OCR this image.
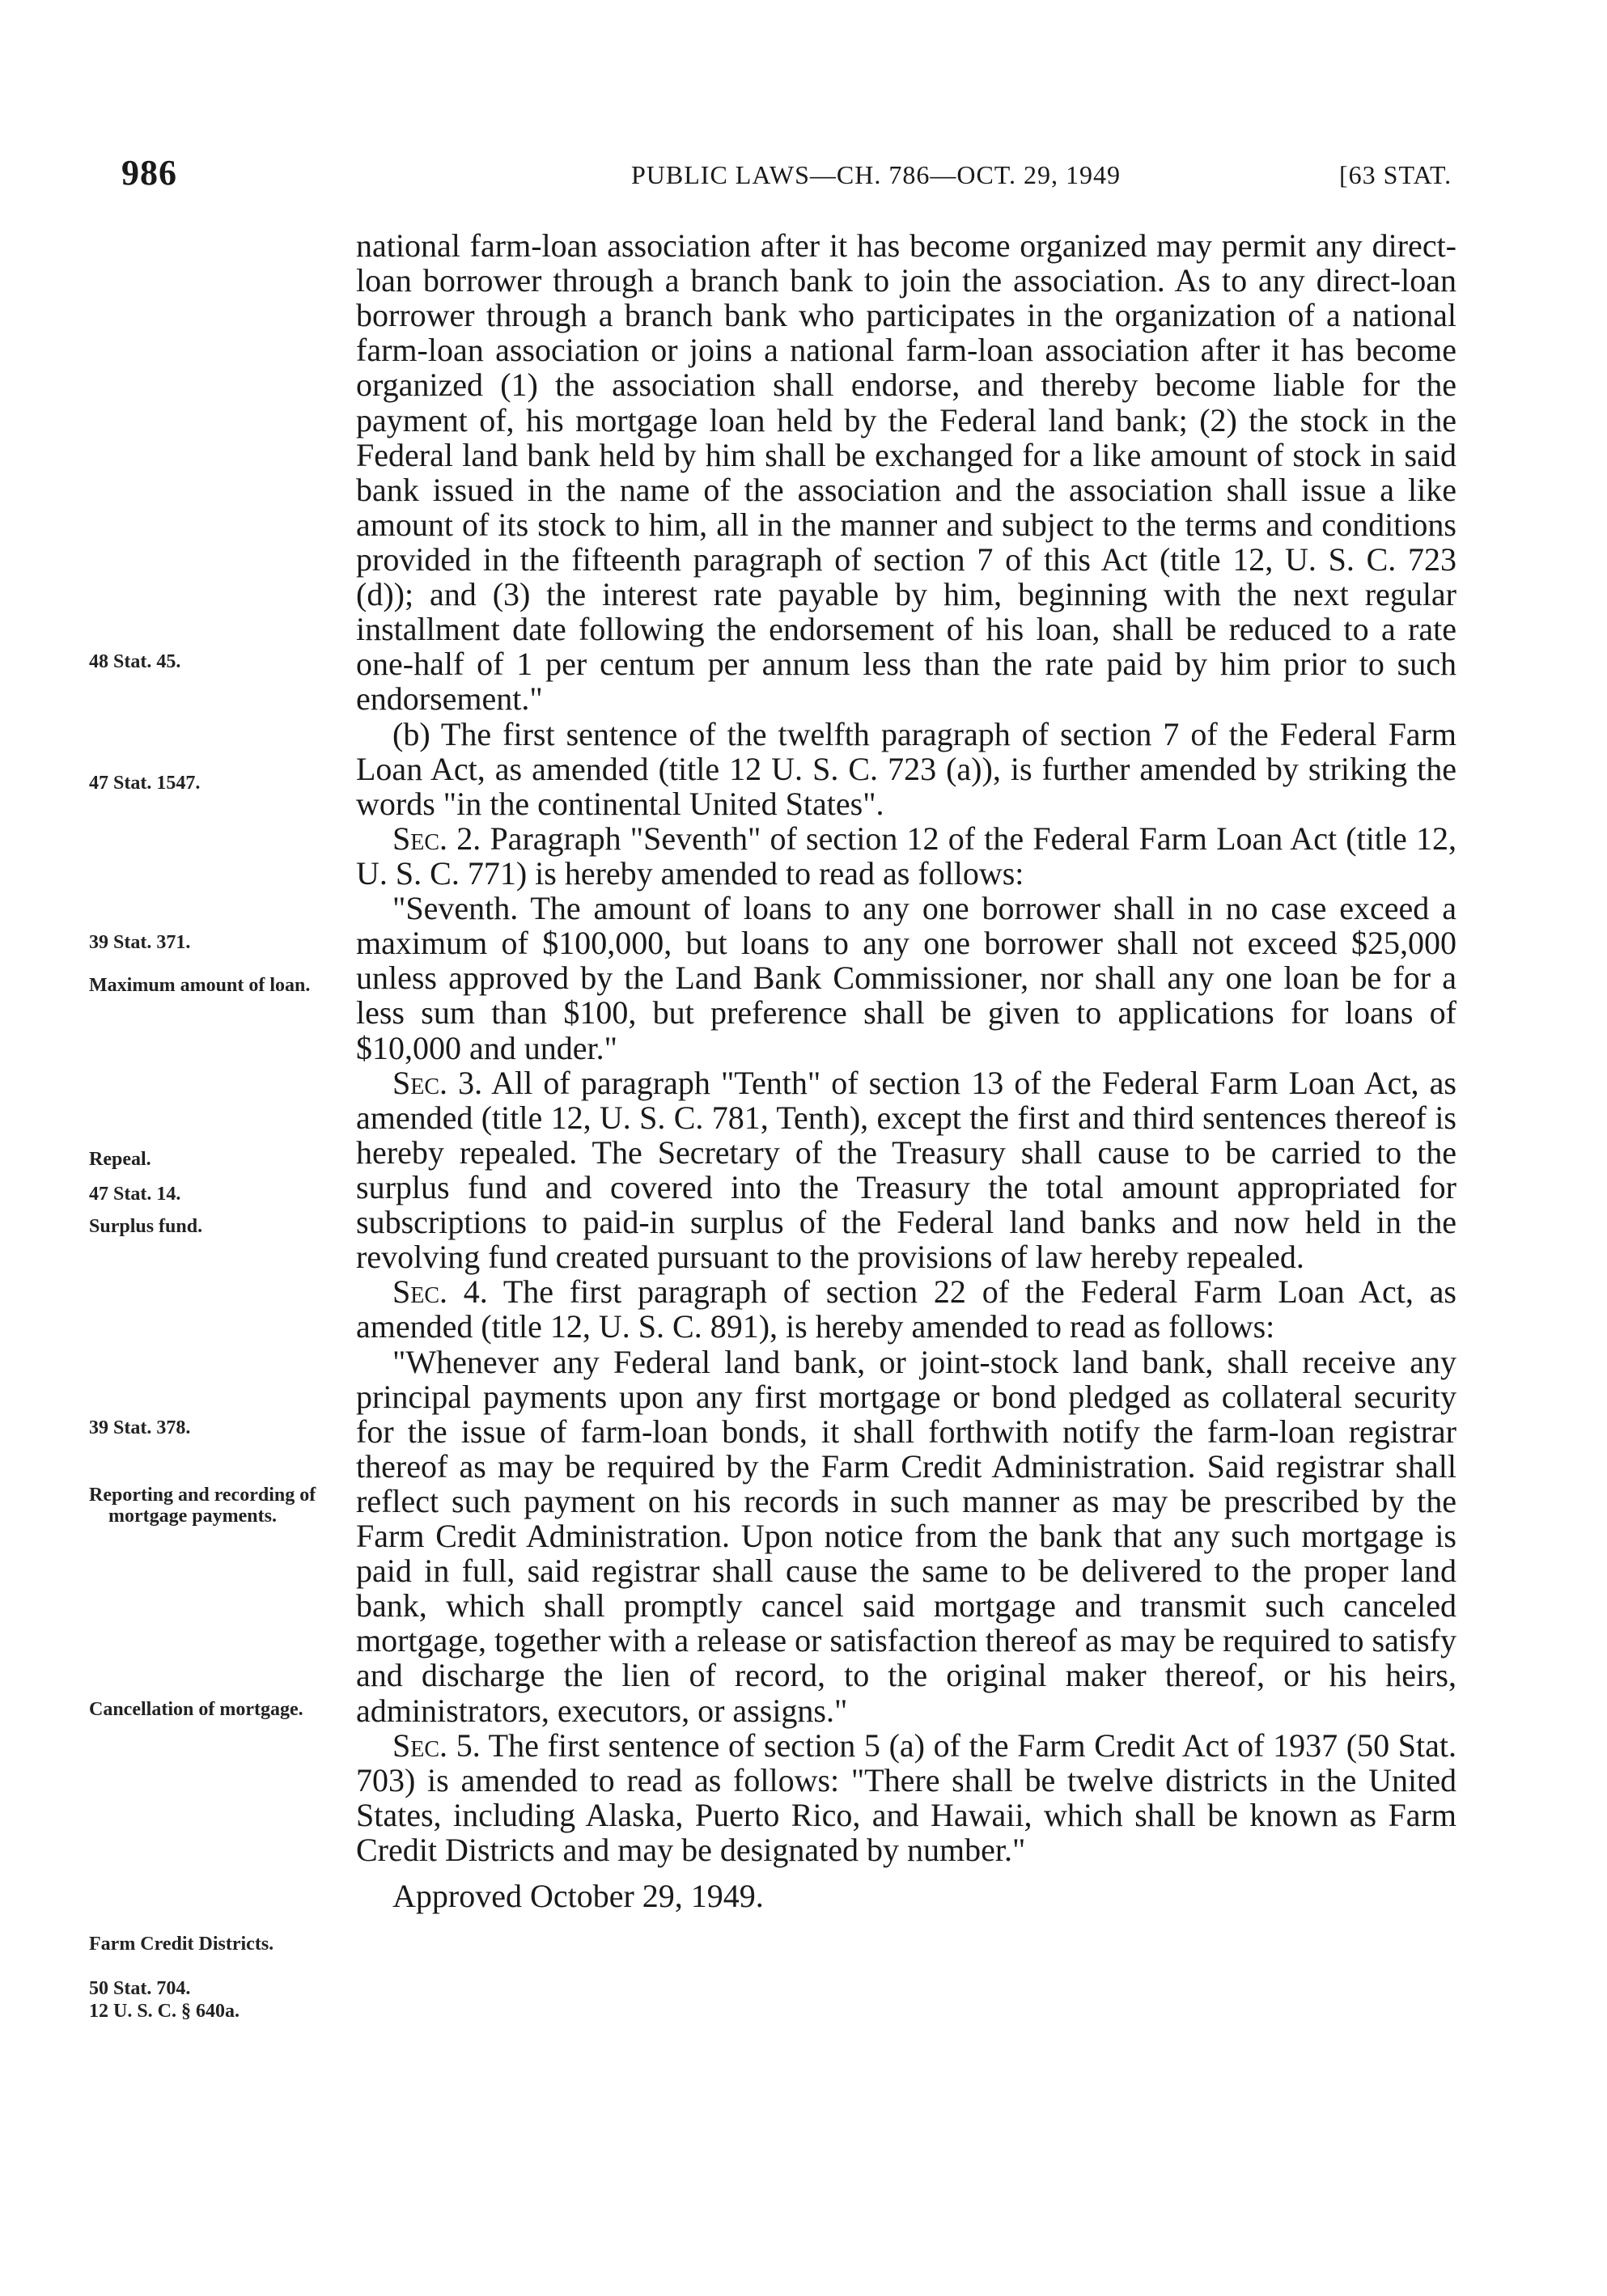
986	PUBLIC LAWS—CH. 786—OCT. 29, 1949	[63 STAT.
48 Stat. 45.
47 Stat. 1547.
39 Stat. 371.
Maximum amount of loan.
Repeal.
47 Stat. 14.
Surplus fund.
39 Stat. 378.
Reporting and recording of mortgage payments.
Cancellation of mortgage.
Farm Credit Districts.
50 Stat. 704.
12 U. S. C. § 640a.

national farm-loan association after it has become organized may permit any direct-loan borrower through a branch bank to join the association. As to any direct-loan borrower through a branch bank who participates in the organization of a national farm-loan association or joins a national farm-loan association after it has become organized (1) the association shall endorse, and thereby become liable for the payment of, his mortgage loan held by the Federal land bank; (2) the stock in the Federal land bank held by him shall be exchanged for a like amount of stock in said bank issued in the name of the association and the association shall issue a like amount of its stock to him, all in the manner and subject to the terms and conditions provided in the fifteenth paragraph of section 7 of this Act (title 12, U. S. C. 723 (d)); and (3) the interest rate payable by him, beginning with the next regular installment date following the endorsement of his loan, shall be reduced to a rate one-half of 1 per centum per annum less than the rate paid by him prior to such endorsement."

(b) The first sentence of the twelfth paragraph of section 7 of the Federal Farm Loan Act, as amended (title 12 U. S. C. 723 (a)), is further amended by striking the words "in the continental United States".

Sec. 2. Paragraph "Seventh" of section 12 of the Federal Farm Loan Act (title 12, U. S. C. 771) is hereby amended to read as follows:

"Seventh. The amount of loans to any one borrower shall in no case exceed a maximum of $100,000, but loans to any one borrower shall not exceed $25,000 unless approved by the Land Bank Commissioner, nor shall any one loan be for a less sum than $100, but preference shall be given to applications for loans of $10,000 and under."

Sec. 3. All of paragraph "Tenth" of section 13 of the Federal Farm Loan Act, as amended (title 12, U. S. C. 781, Tenth), except the first and third sentences thereof is hereby repealed. The Secretary of the Treasury shall cause to be carried to the surplus fund and covered into the Treasury the total amount appropriated for subscriptions to paid-in surplus of the Federal land banks and now held in the revolving fund created pursuant to the provisions of law hereby repealed.

Sec. 4. The first paragraph of section 22 of the Federal Farm Loan Act, as amended (title 12, U. S. C. 891), is hereby amended to read as follows:

"Whenever any Federal land bank, or joint-stock land bank, shall receive any principal payments upon any first mortgage or bond pledged as collateral security for the issue of farm-loan bonds, it shall forthwith notify the farm-loan registrar thereof as may be required by the Farm Credit Administration. Said registrar shall reflect such payment on his records in such manner as may be prescribed by the Farm Credit Administration. Upon notice from the bank that any such mortgage is paid in full, said registrar shall cause the same to be delivered to the proper land bank, which shall promptly cancel said mortgage and transmit such canceled mortgage, together with a release or satisfaction thereof as may be required to satisfy and discharge the lien of record, to the original maker thereof, or his heirs, administrators, executors, or assigns."

Sec. 5. The first sentence of section 5 (a) of the Farm Credit Act of 1937 (50 Stat. 703) is amended to read as follows: "There shall be twelve districts in the United States, including Alaska, Puerto Rico, and Hawaii, which shall be known as Farm Credit Districts and may be designated by number."

Approved October 29, 1949.
